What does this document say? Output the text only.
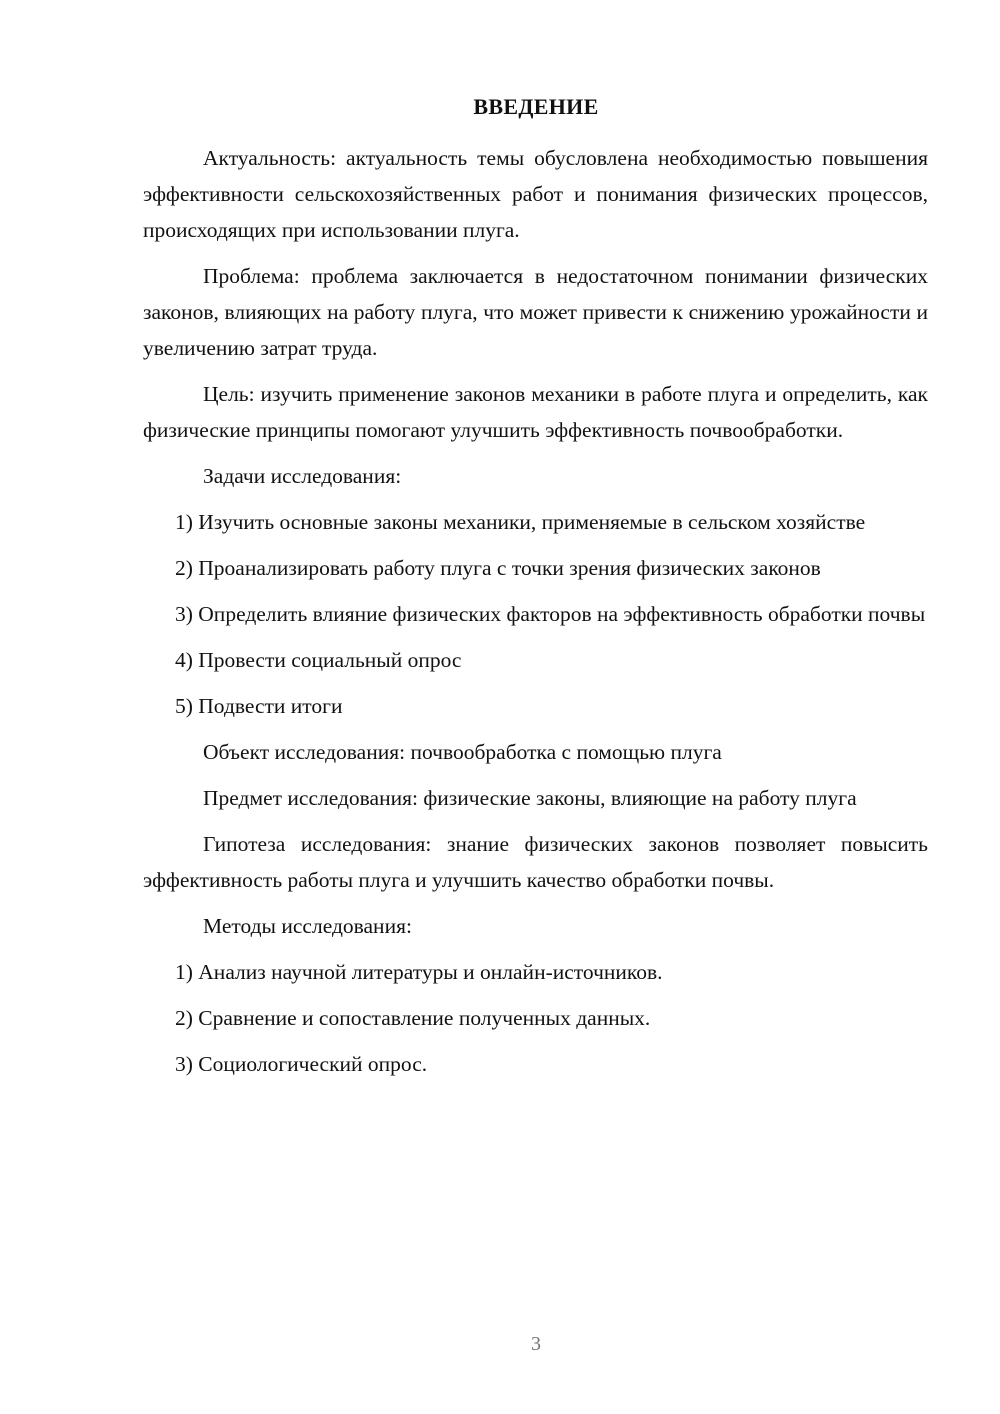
ВВЕДЕНИЕ

Актуальность: актуальность темы обусловлена необходимостью повышения эффективности сельскохозяйственных работ и понимания физических процессов, происходящих при использовании плуга.

Проблема: проблема заключается в недостаточном понимании физических законов, влияющих на работу плуга, что может привести к снижению урожайности и увеличению затрат труда.

Цель: изучить применение законов механики в работе плуга и определить, как физические принципы помогают улучшить эффективность почвообработки.

Задачи исследования:

1) Изучить основные законы механики, применяемые в сельском хозяйстве

2) Проанализировать работу плуга с точки зрения физических законов

3) Определить влияние физических факторов на эффективность обработки почвы

4) Провести социальный опрос

5) Подвести итоги

Объект исследования: почвообработка с помощью плуга

Предмет исследования: физические законы, влияющие на работу плуга

Гипотеза исследования: знание физических законов позволяет повысить эффективность работы плуга и улучшить качество обработки почвы.

Методы исследования:

1) Анализ научной литературы и онлайн-источников.

2) Сравнение и сопоставление полученных данных.

3) Социологический опрос.

3
